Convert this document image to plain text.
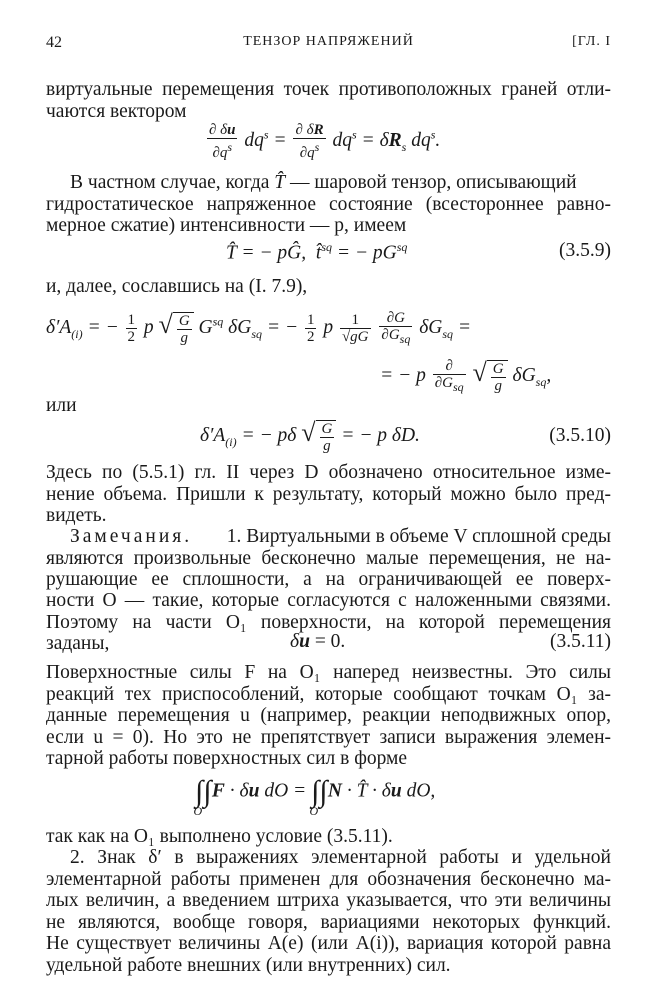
42	ТЕНЗОР НАПРЯЖЕНИЙ	[ГЛ. I
виртуальные перемещения точек противоположных граней отли-
чаются вектором
$\frac{\partial \delta u}{\partial q^s} dq^s = \frac{\partial \delta R}{\partial q^s} dq^s = \delta R_s$ $dq^s$.
В частном случае, когда T̂ — шаровой тензор, описывающий
гидростатическое напряженное состояние (всестороннее равно-
мерное сжатие) интенсивности — p, имеем
T̂ = − pĜ,  t̂$^{sq}$ = − $pG^{sq}$	(3.5.9)
и, далее, сославшись на (I. 7.9),
$\delta'A_{(i)}$ = − $\frac{1}{2}$ p √ $\frac{G}{g} G^{sq}$ $\delta G_{sq}$ = − $\frac{1}{2}$ p $\frac{1}{√gG}$
$\frac{\partial G}{\partial G_{sq}} \delta G_{sq}$ =
= − p $\frac{\partial}{\partial G_{sq}}$ √ $\frac{G}{g} \delta G_{sq}$,
или
$\delta'A_{(i)}$ = − pδ √ $\frac{G}{g}$ = − p δD.	(3.5.10)
Здесь по (5.5.1) гл. II через D обозначено относительное изме-
нение объема. Пришли к результату, который можно было пред-
видеть.
Замечания. 1. Виртуальными в объеме V сплошной среды
являются произвольные бесконечно малые перемещения, не на-
рушающие ее сплошности, а на ограничивающей ее поверх-
ности O — такие, которые согласуются с наложенными связями.
Поэтому на части O₁ поверхности, на которой перемещения
заданы,	δu = 0.	(3.5.11)
Поверхностные силы F на O₁ наперед неизвестны. Это силы
реакций тех приспособлений, которые сообщают точкам O₁ за-
данные перемещения u (например, реакции неподвижных опор,
если u = 0). Но это не препятствует записи выражения элемен-
тарной работы поверхностных сил в форме
$\int\int_O$  F · δu dO = $\int\int_O$  N · T̂ · δu dO,
так как на O₁ выполнено условие (3.5.11).
2. Знак δ′ в выражениях элементарной работы и удельной
элементарной работы применен для обозначения бесконечно ма-
лых величин, а введением штриха указывается, что эти величины
не являются, вообще говоря, вариациями некоторых функций.
Не существует величины A(e) (или A(i)), вариация которой равна
удельной работе внешних (или внутренних) сил.
